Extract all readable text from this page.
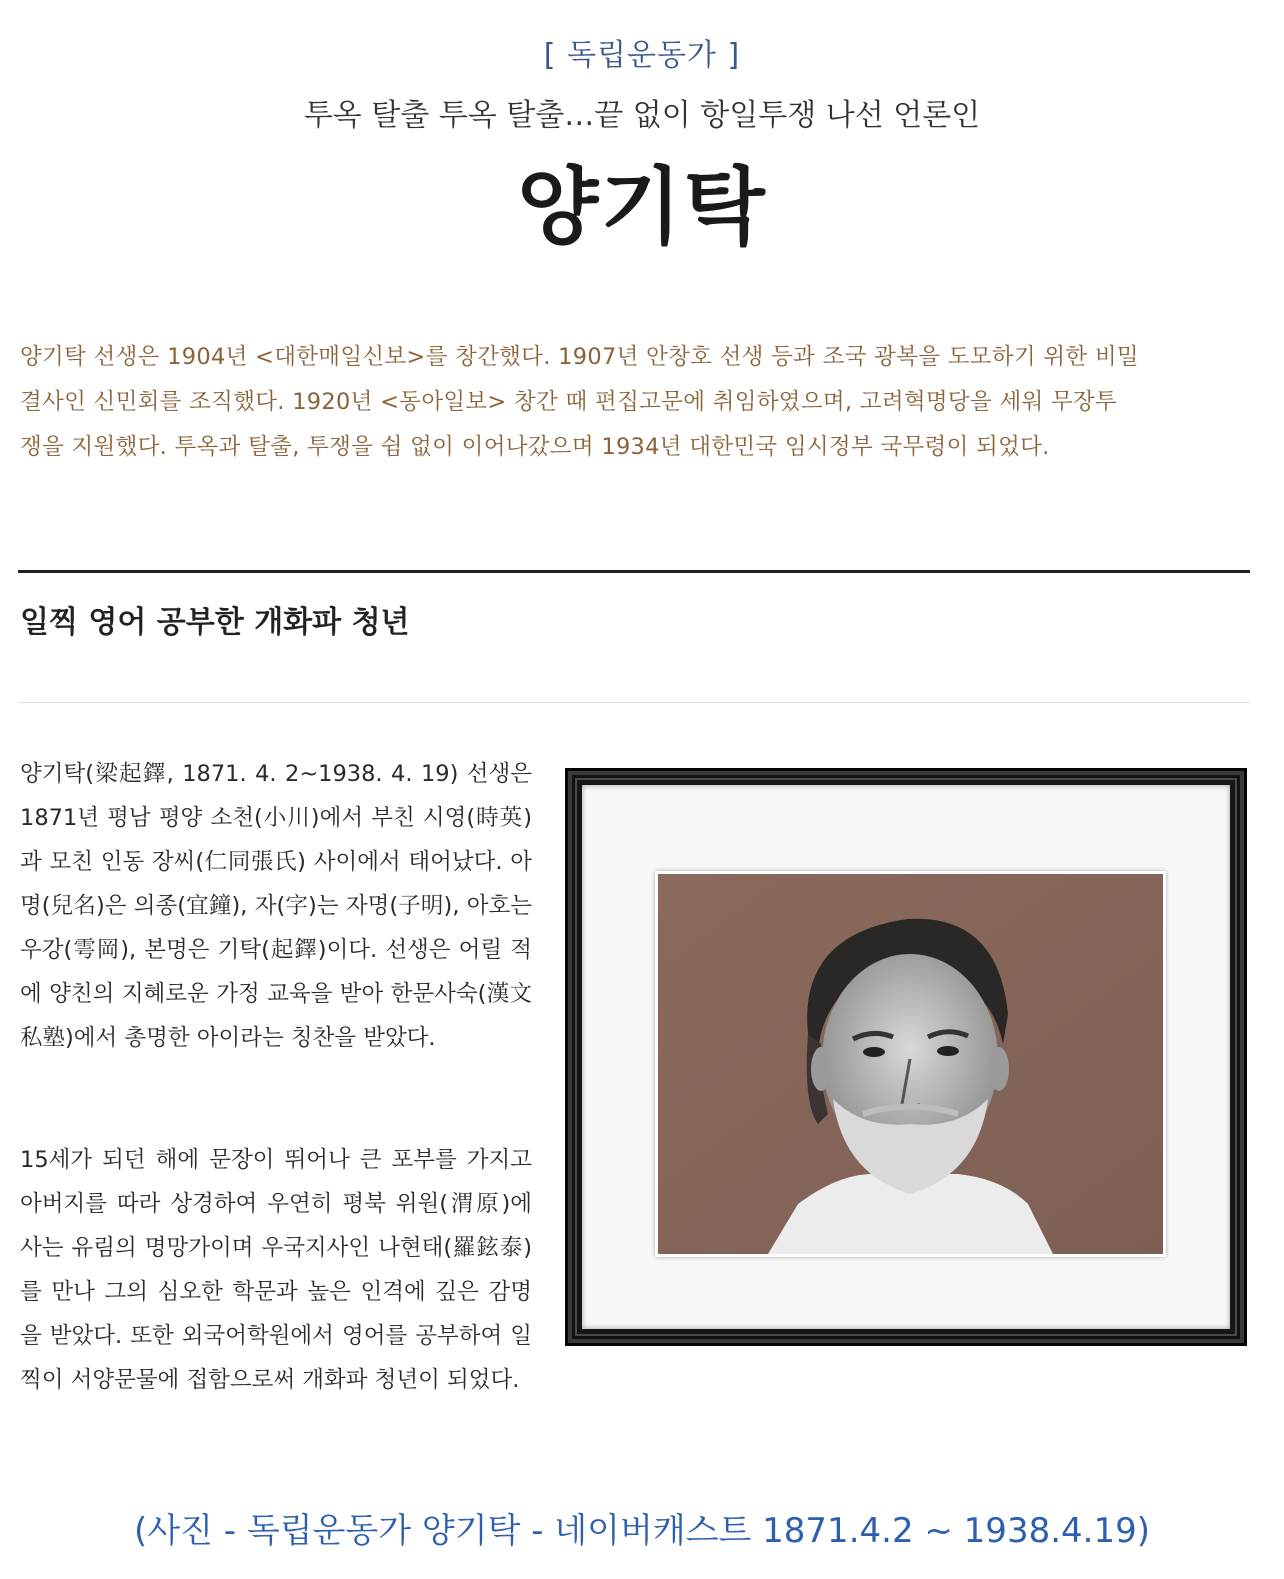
[ 독립운동가 ]
투옥 탈출 투옥 탈출…끝 없이 항일투쟁 나선 언론인
양기탁
양기탁 선생은 1904년 <대한매일신보>를 창간했다. 1907년 안창호 선생 등과 조국 광복을 도모하기 위한 비밀
결사인 신민회를 조직했다. 1920년 <동아일보> 창간 때 편집고문에 취임하였으며, 고려혁명당을 세워 무장투
쟁을 지원했다. 투옥과 탈출, 투쟁을 쉼 없이 이어나갔으며 1934년 대한민국 임시정부 국무령이 되었다.
일찍 영어 공부한 개화파 청년
양기탁(梁起鐸, 1871. 4. 2~1938. 4. 19) 선생은1871년 평남 평양 소천(小川)에서 부친 시영(時英)과 모친 인동 장씨(仁同張氏) 사이에서 태어났다. 아명(兒名)은 의종(宜鐘), 자(字)는 자명(子明), 아호는 우강(雩岡), 본명은 기탁(起鐸)이다. 선생은 어릴 적에 양친의 지혜로운 가정 교육을 받아 한문사숙(漢文私塾)에서 총명한 아이라는 칭찬을 받았다.
15세가 되던 해에 문장이 뛰어나 큰 포부를 가지고 아버지를 따라 상경하여 우연히 평북 위원(渭原)에 사는 유림의 명망가이며 우국지사인 나현태(羅鉉泰)를 만나 그의 심오한 학문과 높은 인격에 깊은 감명을 받았다. 또한 외국어학원에서 영어를 공부하여 일찍이 서양문물에 접함으로써 개화파 청년이 되었다.
(사진 - 독립운동가 양기탁 - 네이버캐스트 1871.4.2 ~ 1938.4.19)
